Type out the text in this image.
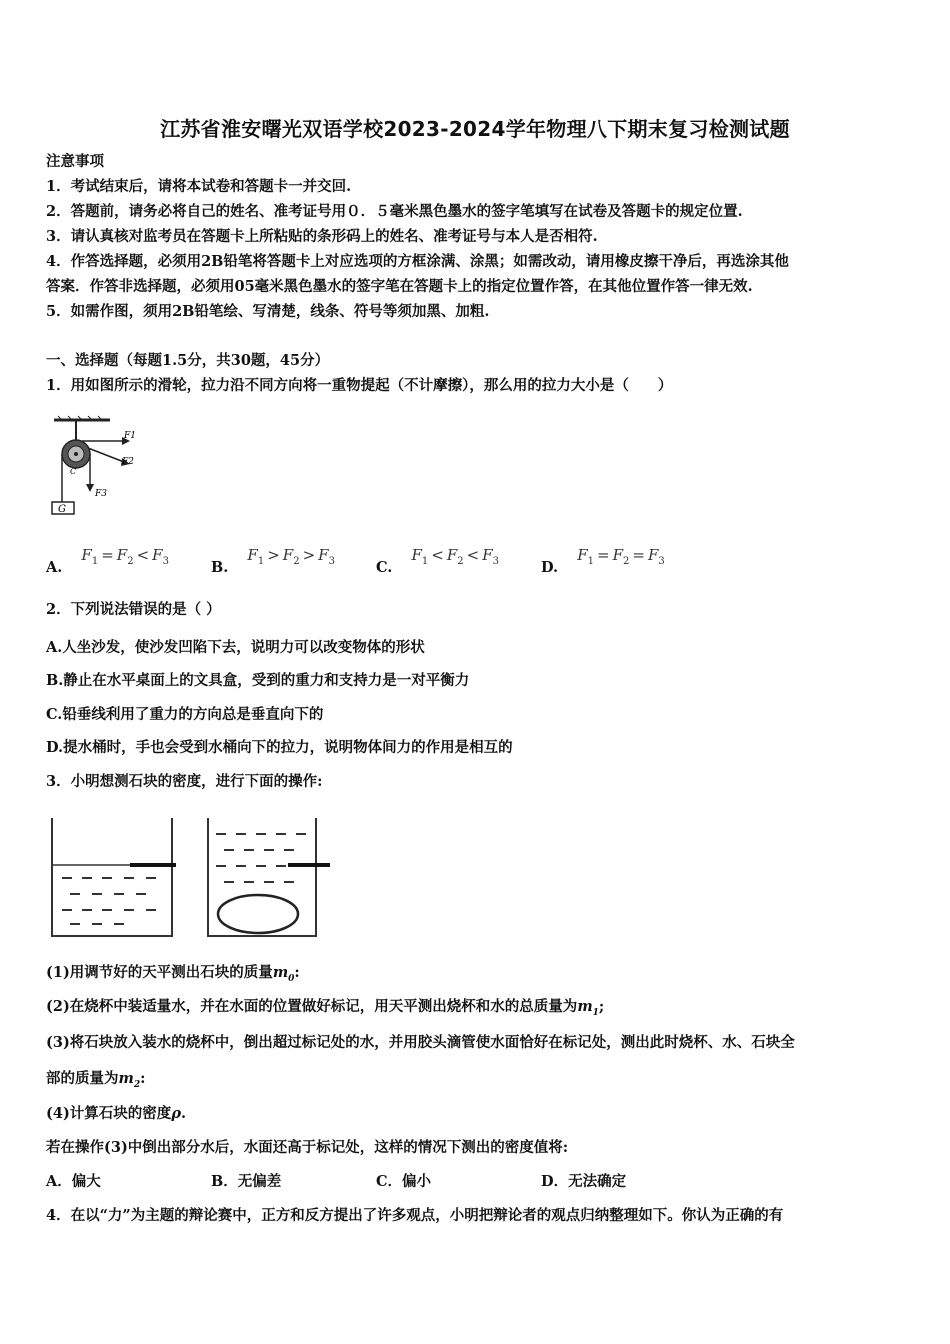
江苏省淮安曙光双语学校2023-2024学年物理八下期末复习检测试题
注意事项
1．考试结束后，请将本试卷和答题卡一并交回.
2．答题前，请务必将自己的姓名、准考证号用０．５毫米黑色墨水的签字笔填写在试卷及答题卡的规定位置.
3．请认真核对监考员在答题卡上所粘贴的条形码上的姓名、准考证号与本人是否相符.
4．作答选择题，必须用2B铅笔将答题卡上对应选项的方框涂满、涂黑；如需改动，请用橡皮擦干净后，再选涂其他
答案．作答非选择题，必须用05毫米黑色墨水的签字笔在答题卡上的指定位置作答，在其他位置作答一律无效.
5．如需作图，须用2B铅笔绘、写清楚，线条、符号等须加黑、加粗.
一、选择题（每题1.5分，共30题，45分）
1．用如图所示的滑轮，拉力沿不同方向将一重物提起（不计摩擦），那么用的拉力大小是（　　）
G
C
F1
F2
F3
A. $F_1 = F_2 < F_3$	B. $F_1 > F_2 > F_3$	C. $F_1 < F_2 < F_3$	D. $F_1 = F_2 = F_3$
2．下列说法错误的是（ ）
A.人坐沙发，使沙发凹陷下去，说明力可以改变物体的形状
B.静止在水平桌面上的文具盒，受到的重力和支持力是一对平衡力
C.铅垂线利用了重力的方向总是垂直向下的
D.提水桶时，手也会受到水桶向下的拉力，说明物体间力的作用是相互的
3．小明想测石块的密度，进行下面的操作:
(1)用调节好的天平测出石块的质量$m_0$:
(2)在烧杯中装适量水，并在水面的位置做好标记，用天平测出烧杯和水的总质量为$m_1$;
(3)将石块放入装水的烧杯中，倒出超过标记处的水，并用胶头滴管使水面恰好在标记处，测出此时烧杯、水、石块全
部的质量为$m_2$:
(4)计算石块的密度ρ.
若在操作(3)中倒出部分水后，水面还高于标记处，这样的情况下测出的密度值将:
A．偏大	B．无偏差	C．偏小	D．无法确定
4．在以“力”为主题的辩论赛中，正方和反方提出了许多观点，小明把辩论者的观点归纳整理如下。你认为正确的有
